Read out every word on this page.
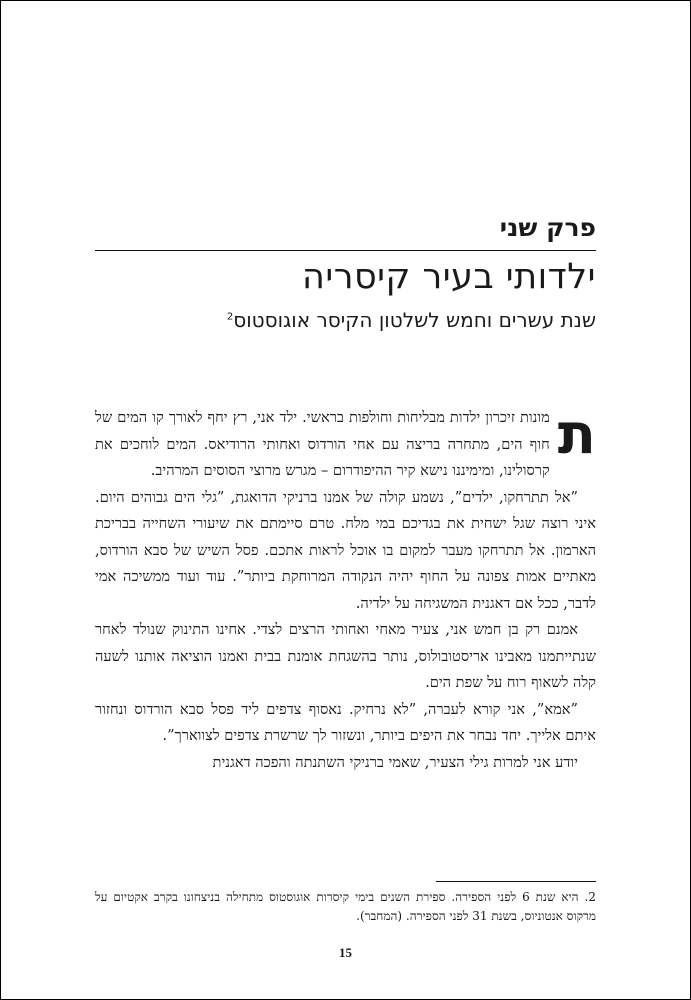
פרק שני
ילדותי בעיר קיסריה
שנת עשרים וחמש לשלטון הקיסר אוגוסטוס$^2$

ת
מונות זיכרון ילדות מבליחות וחולפות בראשי. ילד אני, רץ יחף לאורך קו המים של חוף הים, מתחרה בריצה עם אחי הורדוס ואחותי הרודיאס. המים לוחכים את קרסולינו, ומימיננו נישא קיר ההיפודרום – מגרש מרוצי הסוסים המרהיב.

”אל תתרחקו, ילדים”, נשמע קולה של אמנו ברניקי הדואגת, ”גלי הים גבוהים היום. איני רוצה שגל ישחית את בגדיכם במי מלח. טרם סיימתם את שיעורי השחייה בבריכת הארמון. אל תתרחקו מעבר למקום בו אוכל לראות אתכם. פסל השיש של סבא הורדוס, מאתיים אמות צפונה על החוף יהיה הנקודה המרוחקת ביותר”. עוד ועוד ממשיכה אמי לדבר, ככל אם דאגנית המשגיחה על ילדיה.

אמנם רק בן חמש אני, צעיר מאחי ואחותי הרצים לצדי. אחינו התינוק שנולד לאחר שנתייתמנו מאבינו אריסטובולוס, נותר בהשגחת אומנת בבית ואמנו הוציאה אותנו לשעה קלה לשאוף רוח על שפת הים.

”אמא”, אני קורא לעברה, ”לא נרחיק. נאסוף צדפים ליד פסל סבא הורדוס ונחזור איתם אלייך. יחד נבחר את היפים ביותר, ונשזור לך שרשרת צדפים לצווארך”.

יודע אני למרות גילי הצעיר, שאמי ברניקי השתנתה והפכה דאגנית

2. היא שנת 6 לפני הספירה. ספירת השנים בימי קיסרות אוגוסטוס מתחילה בניצחונו בקרב אקטיום על מרקוס אנטוניוס, בשנת 31 לפני הספירה. (המחבר).
15
